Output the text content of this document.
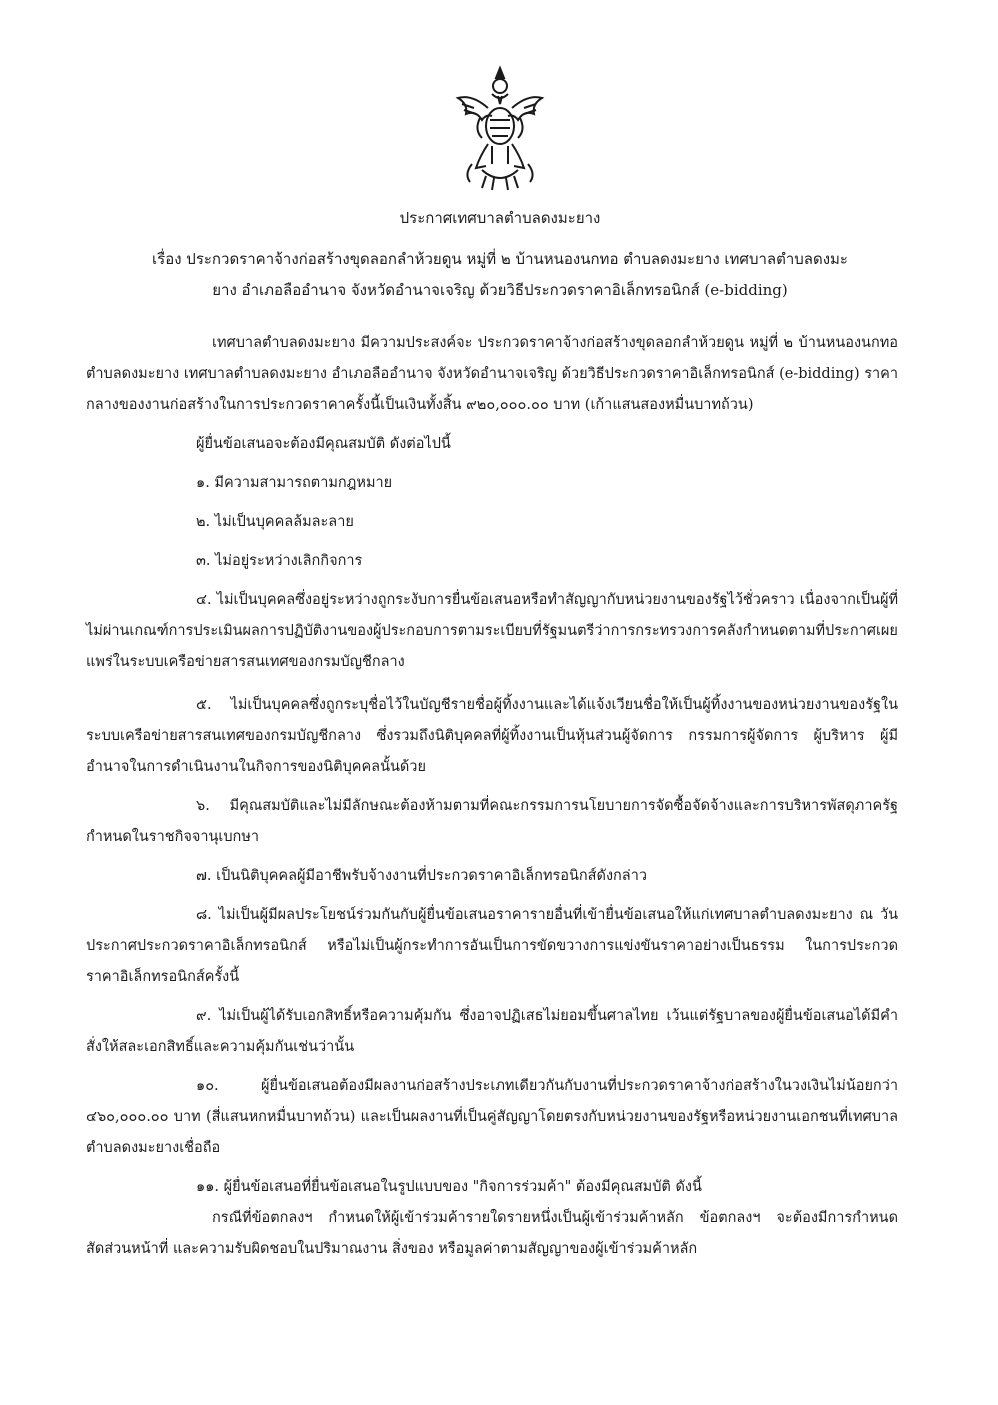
ประกาศเทศบาลตำบลดงมะยาง

เรื่อง ประกวดราคาจ้างก่อสร้างขุดลอกลำห้วยดูน หมู่ที่ ๒ บ้านหนองนกทอ ตำบลดงมะยาง เทศบาลตำบลดงมะ

ยาง อำเภอลืออำนาจ จังหวัดอำนาจเจริญ ด้วยวิธีประกวดราคาอิเล็กทรอนิกส์ (e-bidding)

เทศบาลตำบลดงมะยาง มีความประสงค์จะ ประกวดราคาจ้างก่อสร้างขุดลอกลำห้วยดูน หมู่ที่ ๒ บ้านหนองนกทอ ตำบลดงมะยาง เทศบาลตำบลดงมะยาง อำเภอลืออำนาจ จังหวัดอำนาจเจริญ ด้วยวิธีประกวดราคาอิเล็กทรอนิกส์ (e-bidding) ราคากลางของงานก่อสร้างในการประกวดราคาครั้งนี้เป็นเงินทั้งสิ้น ๙๒๐,๐๐๐.๐๐ บาท (เก้าแสนสองหมื่นบาทถ้วน)

ผู้ยื่นข้อเสนอจะต้องมีคุณสมบัติ ดังต่อไปนี้

๑. มีความสามารถตามกฎหมาย

๒. ไม่เป็นบุคคลล้มละลาย

๓. ไม่อยู่ระหว่างเลิกกิจการ

๔. ไม่เป็นบุคคลซึ่งอยู่ระหว่างถูกระงับการยื่นข้อเสนอหรือทำสัญญากับหน่วยงานของรัฐไว้ชั่วคราว เนื่องจากเป็นผู้ที่ไม่ผ่านเกณฑ์การประเมินผลการปฏิบัติงานของผู้ประกอบการตามระเบียบที่รัฐมนตรีว่าการกระทรวงการคลังกำหนดตามที่ประกาศเผยแพร่ในระบบเครือข่ายสารสนเทศของกรมบัญชีกลาง

๕. ไม่เป็นบุคคลซึ่งถูกระบุชื่อไว้ในบัญชีรายชื่อผู้ทิ้งงานและได้แจ้งเวียนชื่อให้เป็นผู้ทิ้งงานของหน่วยงานของรัฐในระบบเครือข่ายสารสนเทศของกรมบัญชีกลาง ซึ่งรวมถึงนิติบุคคลที่ผู้ทิ้งงานเป็นหุ้นส่วนผู้จัดการ กรรมการผู้จัดการ ผู้บริหาร ผู้มีอำนาจในการดำเนินงานในกิจการของนิติบุคคลนั้นด้วย

๖. มีคุณสมบัติและไม่มีลักษณะต้องห้ามตามที่คณะกรรมการนโยบายการจัดซื้อจัดจ้างและการบริหารพัสดุภาครัฐกำหนดในราชกิจจานุเบกษา

๗. เป็นนิติบุคคลผู้มีอาชีพรับจ้างงานที่ประกวดราคาอิเล็กทรอนิกส์ดังกล่าว

๘. ไม่เป็นผู้มีผลประโยชน์ร่วมกันกับผู้ยื่นข้อเสนอราคารายอื่นที่เข้ายื่นข้อเสนอให้แก่เทศบาลตำบลดงมะยาง ณ วันประกาศประกวดราคาอิเล็กทรอนิกส์ หรือไม่เป็นผู้กระทำการอันเป็นการขัดขวางการแข่งขันราคาอย่างเป็นธรรม ในการประกวดราคาอิเล็กทรอนิกส์ครั้งนี้

๙. ไม่เป็นผู้ได้รับเอกสิทธิ์หรือความคุ้มกัน ซึ่งอาจปฏิเสธไม่ยอมขึ้นศาลไทย เว้นแต่รัฐบาลของผู้ยื่นข้อเสนอได้มีคำสั่งให้สละเอกสิทธิ์และความคุ้มกันเช่นว่านั้น

๑๐. ผู้ยื่นข้อเสนอต้องมีผลงานก่อสร้างประเภทเดียวกันกับงานที่ประกวดราคาจ้างก่อสร้างในวงเงินไม่น้อยกว่า ๔๖๐,๐๐๐.๐๐ บาท (สี่แสนหกหมื่นบาทถ้วน) และเป็นผลงานที่เป็นคู่สัญญาโดยตรงกับหน่วยงานของรัฐหรือหน่วยงานเอกชนที่เทศบาลตำบลดงมะยางเชื่อถือ

๑๑. ผู้ยื่นข้อเสนอที่ยื่นข้อเสนอในรูปแบบของ "กิจการร่วมค้า" ต้องมีคุณสมบัติ ดังนี้

กรณีที่ข้อตกลงฯ กำหนดให้ผู้เข้าร่วมค้ารายใดรายหนึ่งเป็นผู้เข้าร่วมค้าหลัก ข้อตกลงฯ จะต้องมีการกำหนดสัดส่วนหน้าที่ และความรับผิดชอบในปริมาณงาน สิ่งของ หรือมูลค่าตามสัญญาของผู้เข้าร่วมค้าหลัก
